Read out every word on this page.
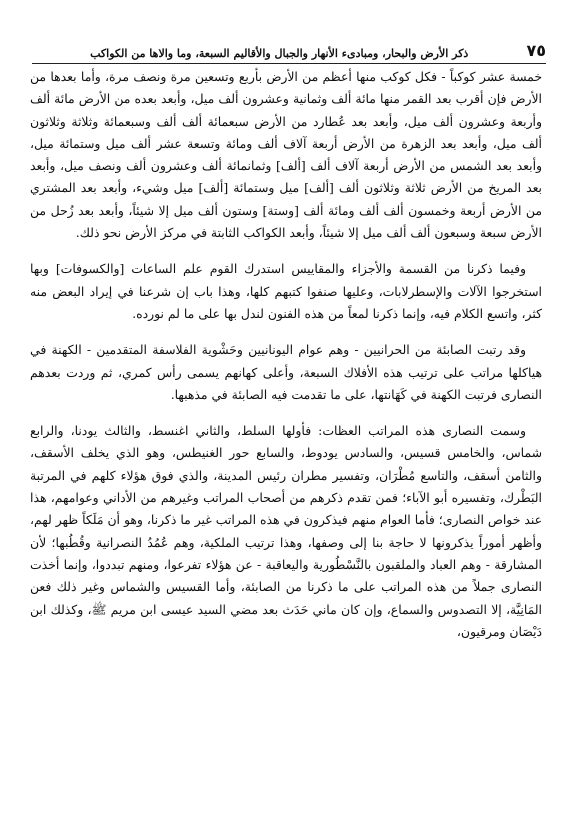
٧٥
ذكر الأرض والبحار، ومبادىء الأنهار والجبال والأقاليم السبعة، وما والاها من الكواكب

خمسة عشر كوكباً - فكل كوكب منها أعظم من الأرض بأربع وتسعين مرة ونصف مرة، وأما بعدها من الأرض فإن أقرب بعد القمر منها مائة ألف وثمانية وعشرون ألف ميل، وأبعد بعده من الأرض مائة ألف وأربعة وعشرون ألف ميل، وأبعد بعد عُطارد من الأرض سبعمائة ألف ألف وسبعمائة وثلاثة وثلاثون ألف ميل، وأبعد بعد الزهرة من الأرض أربعة آلاف ألف ومائة وتسعة عشر ألف ميل وستمائة ميل، وأبعد بعد الشمس من الأرض أربعة آلاف ألف [ألف] وثمانمائة ألف وعشرون ألف ونصف ميل، وأبعد بعد المريخ من الأرض ثلاثة وثلاثون ألف [ألف] ميل وستمائة [ألف] ميل وشيء، وأبعد بعد المشتري من الأرض أربعة وخمسون ألف ألف ومائة ألف [وستة] وستون ألف ميل إلا شيئاً، وأبعد بعد زُحل من الأرض سبعة وسبعون ألف ألف ميل إلا شيئاً، وأبعد الكواكب الثابتة في مركز الأرض نحو ذلك.

وفيما ذكرنا من القسمة والأجزاء والمقاييس استدرك القوم علم الساعات [والكسوفات] وبها استخرجوا الآلات والإسطرلابات، وعليها صنفوا كتبهم كلها، وهذا باب إن شرعنا في إيراد البعض منه كثر، واتسع الكلام فيه، وإنما ذكرنا لمعاً من هذه الفنون لندل بها على ما لم نورده.

وقد رتبت الصابئة من الحرانيين - وهم عوام اليونانيين وحَشْوية الفلاسفة المتقدمين - الكهنة في هياكلها مراتب على ترتيب هذه الأفلاك السبعة، وأعلى كهانهم يسمى رأس كمري، ثم وردت بعدهم النصارى فرتبت الكهنة في كَهَانتها، على ما تقدمت فيه الصابئة في مذهبها.

وسمت النصارى هذه المراتب العظات: فأولها السلط، والثاني اغنسط، والثالث يودنا، والرابع شماس، والخامس قسيس، والسادس يودوط، والسابع حور الغنيطس، وهو الذي يخلف الأسقف، والثامن أسقف، والتاسع مُطْرَان، وتفسير مطران رئيس المدينة، والذي فوق هؤلاء كلهم في المرتبة البَطْرك، وتفسيره أبو الآباء؛ فمن تقدم ذكرهم من أصحاب المراتب وغيرهم من الأداني وعوامهم، هذا عند خواص النصارى؛ فأما العوام منهم فيذكرون في هذه المراتب غير ما ذكرنا، وهو أن مَلَكاً ظهر لهم، وأظهر أموراً يذكرونها لا حاجة بنا إلى وصفها، وهذا ترتيب الملكية، وهم عُمُدُ النصرانية وقُطُبها؛ لأن المشارقة - وهم العباد والملقبون بالنَّسْطُورية واليعاقبة - عن هؤلاء تفرعوا، ومنهم تبددوا، وإنما أخذت النصارى جملاً من هذه المراتب على ما ذكرنا من الصابئة، وأما القسيس والشماس وغير ذلك فعن المَانِيَّة، إلا التصدوس والسماع، وإن كان ماني حَدَث بعد مضي السيد عيسى ابن مريم ﷺ، وكذلك ابن دَيْصَان ومرقيون،
